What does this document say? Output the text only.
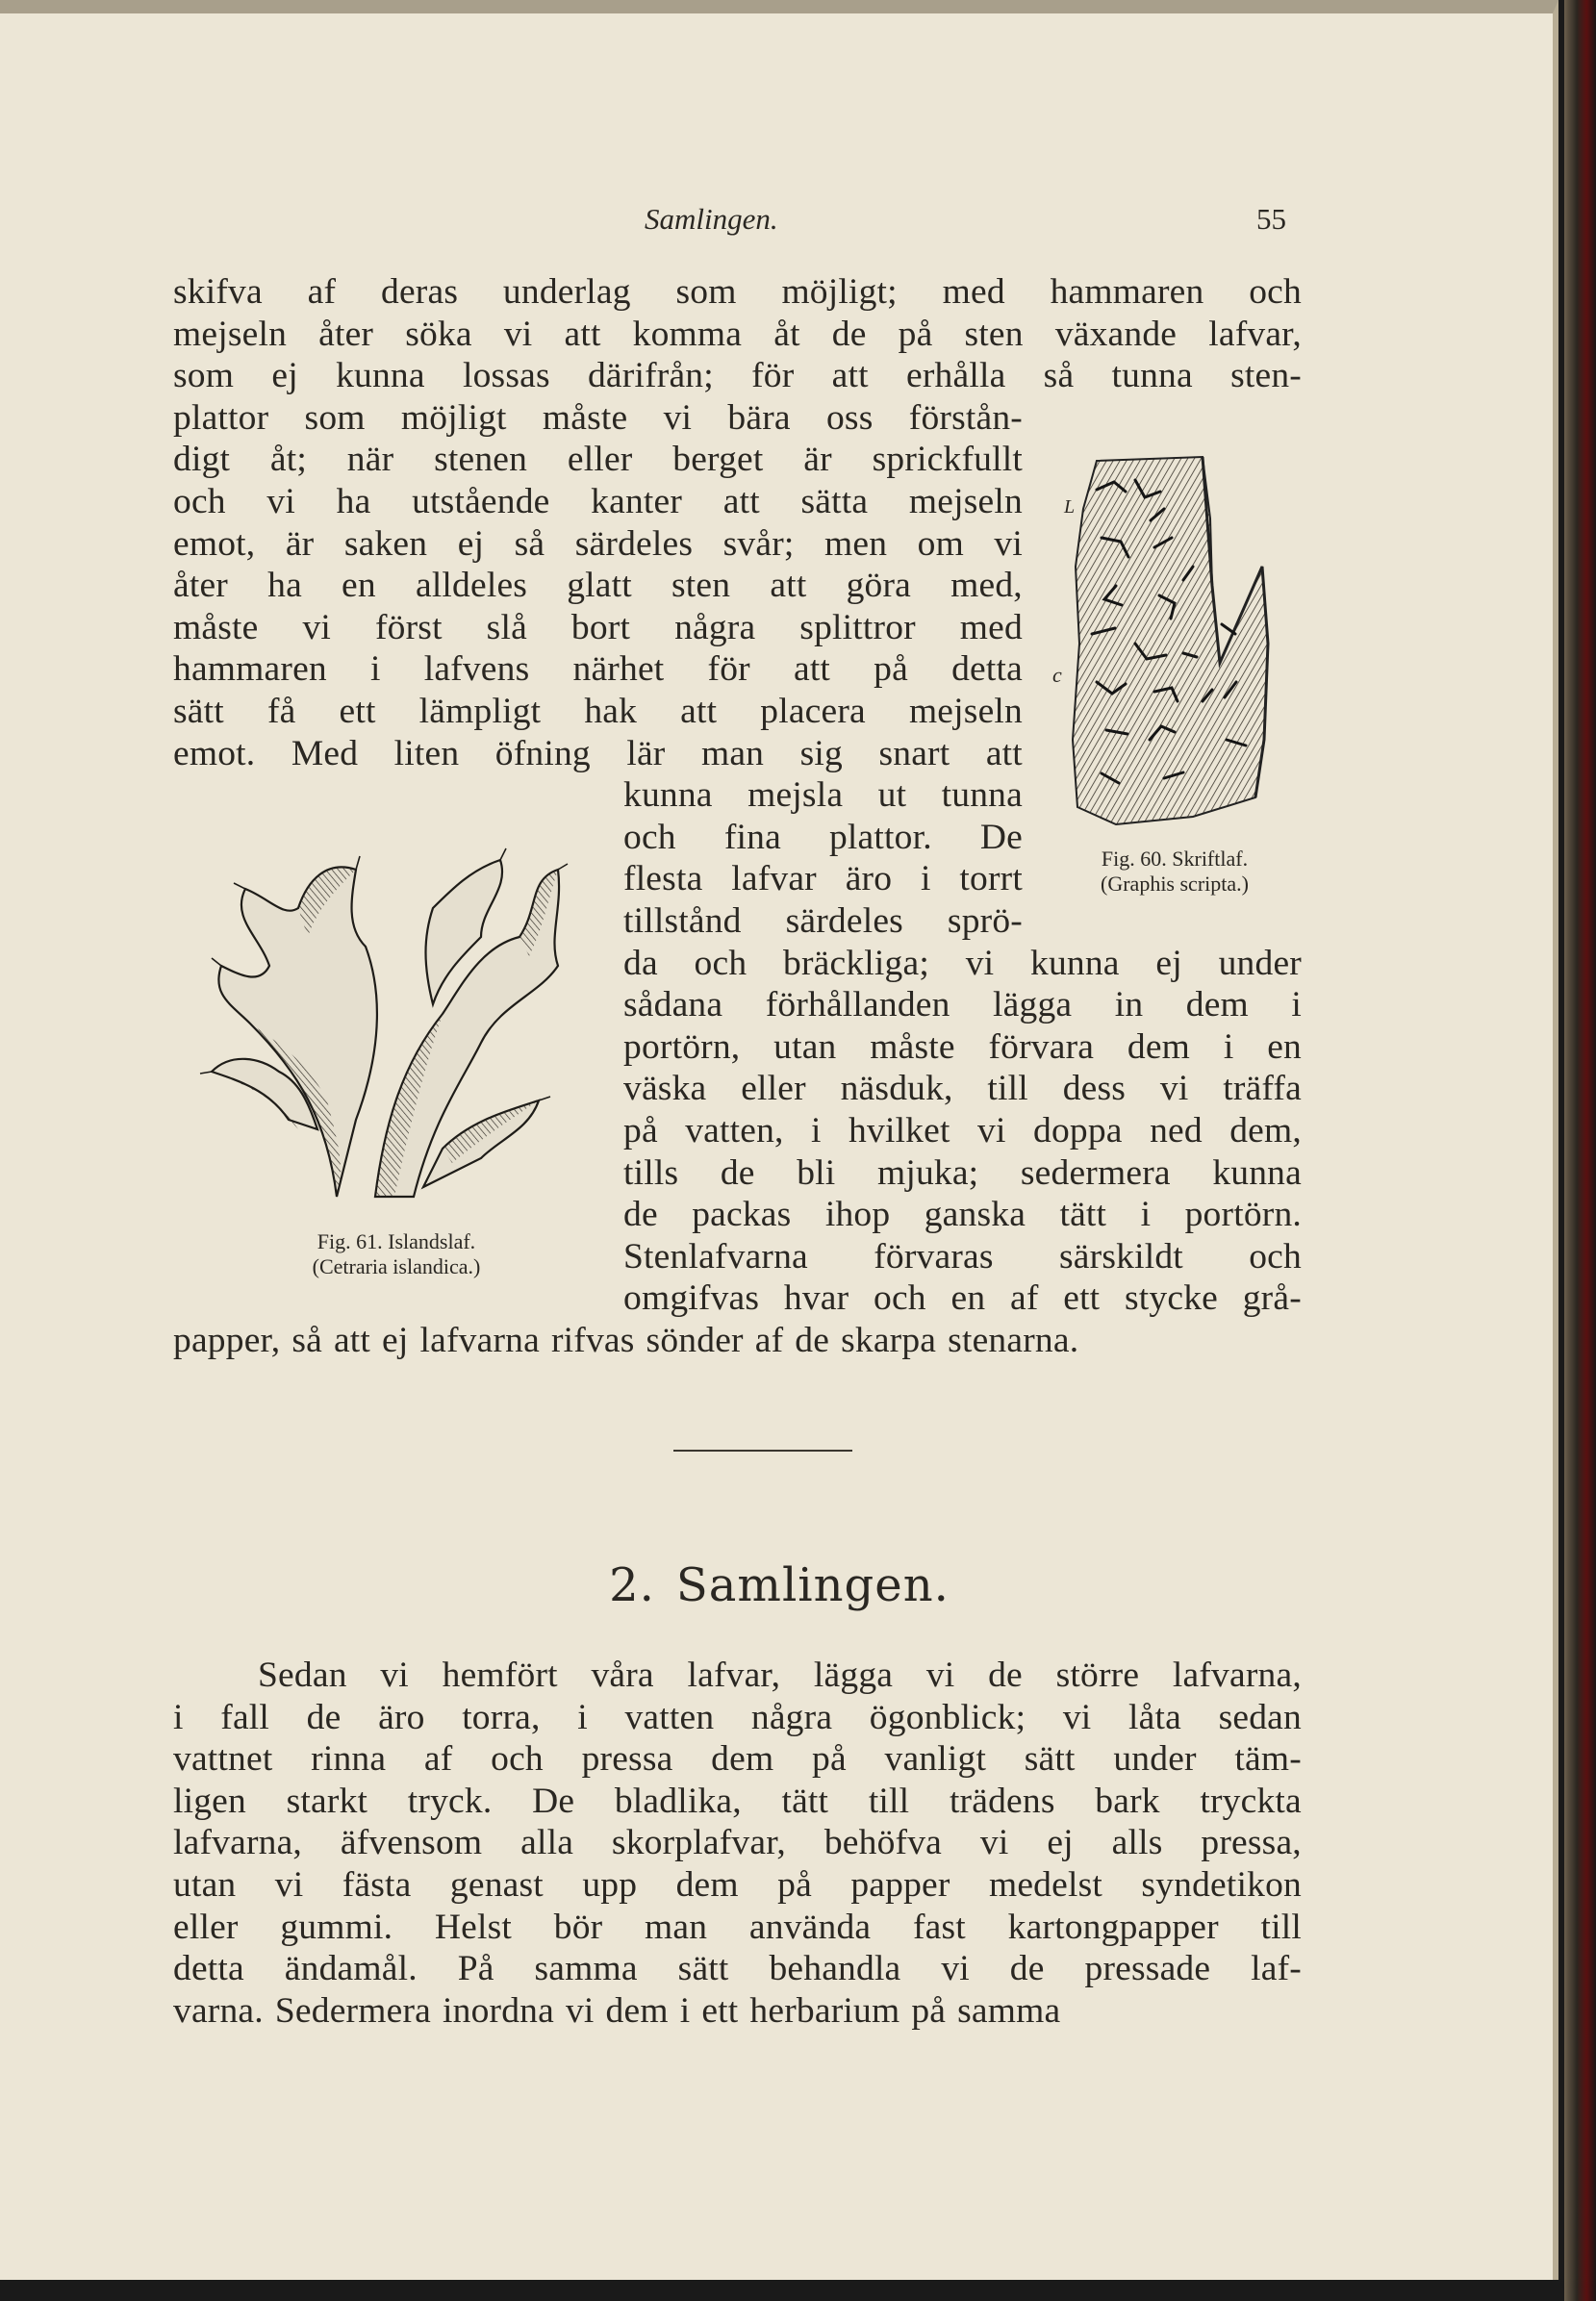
Samlingen.	55
skifva af deras underlag som möjligt; med hammaren och
mejseln åter söka vi att komma åt de på sten växande lafvar,
som ej kunna lossas därifrån; för att erhålla så tunna sten-
plattor som möjligt måste vi bära oss förstån-
digt åt; när stenen eller berget är sprickfullt
och vi ha utstående kanter att sätta mejseln
emot, är saken ej så särdeles svår; men om vi
åter ha en alldeles glatt sten att göra med,
måste vi först slå bort några splittror med
hammaren i lafvens närhet för att på detta
sätt få ett lämpligt hak att placera mejseln
emot. Med liten öfning lär man sig snart att
kunna mejsla ut tunna
och fina plattor. De
flesta lafvar äro i torrt
tillstånd särdeles sprö-
da och bräckliga; vi kunna ej under
sådana förhållanden lägga in dem i
portörn, utan måste förvara dem i en
väska eller näsduk, till dess vi träffa
på vatten, i hvilket vi doppa ned dem,
tills de bli mjuka; sedermera kunna
de packas ihop ganska tätt i portörn.
Stenlafvarna förvaras särskildt och
omgifvas hvar och en af ett stycke grå-
papper, så att ej lafvarna rifvas sönder af de skarpa stenarna.
L
c
Fig. 60. Skriftlaf.
(Graphis scripta.)
Fig. 61. Islandslaf.
(Cetraria islandica.)
2. Samlingen.
Sedan vi hemfört våra lafvar, lägga vi de större lafvarna,
i fall de äro torra, i vatten några ögonblick; vi låta sedan
vattnet rinna af och pressa dem på vanligt sätt under täm-
ligen starkt tryck. De bladlika, tätt till trädens bark tryckta
lafvarna, äfvensom alla skorplafvar, behöfva vi ej alls pressa,
utan vi fästa genast upp dem på papper medelst syndetikon
eller gummi. Helst bör man använda fast kartongpapper till
detta ändamål. På samma sätt behandla vi de pressade laf-
varna. Sedermera inordna vi dem i ett herbarium på samma
